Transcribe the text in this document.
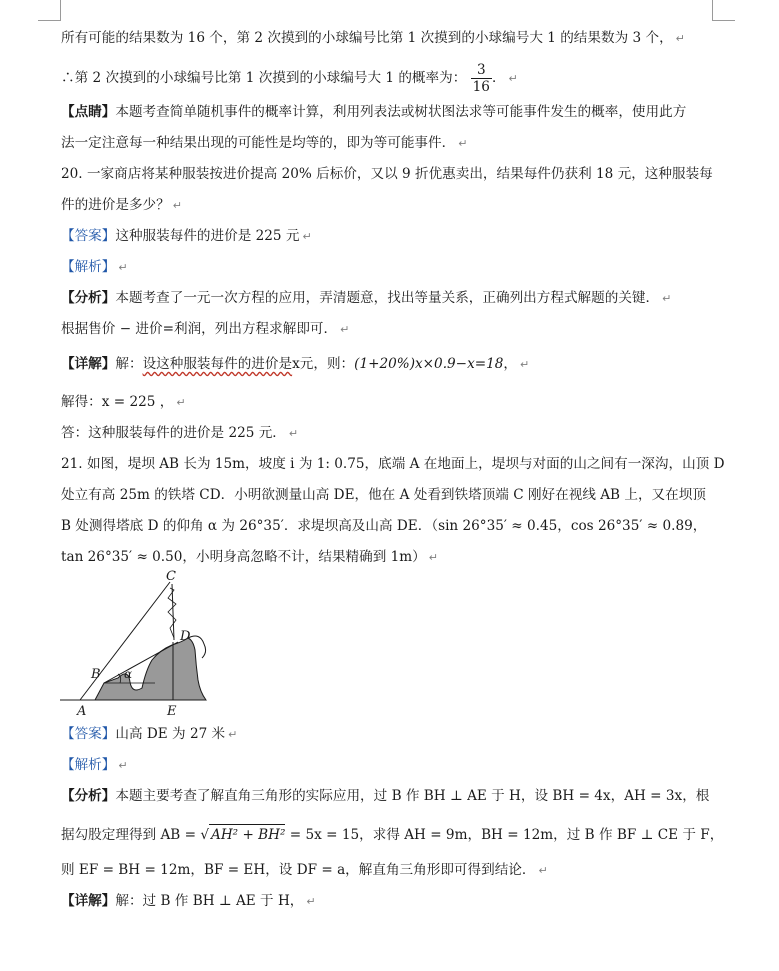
所有可能的结果数为 16 个，第 2 次摸到的小球编号比第 1 次摸到的小球编号大 1 的结果数为 3 个， ↵
∴第 2 次摸到的小球编号比第 1 次摸到的小球编号大 1 的概率为： $\frac{3}{16}$ ． ↵
【点睛】本题考查简单随机事件的概率计算，利用列表法或树状图法求等可能事件发生的概率，使用此方
法一定注意每一种结果出现的可能性是均等的，即为等可能事件． ↵
20. 一家商店将某种服装按进价提高 20% 后标价，又以 9 折优惠卖出，结果每件仍获利 18 元，这种服装每
件的进价是多少？ ↵
【答案】这种服装每件的进价是 225 元 ↵
【解析】 ↵
【分析】本题考查了一元一次方程的应用，弄清题意，找出等量关系，正确列出方程式解题的关键． ↵
根据售价 − 进价=利润，列出方程求解即可． ↵
【详解】解：设这种服装每件的进价是x元，则：(1+20%)x×0.9−x=18， ↵
解得：x = 225 ， ↵
答：这种服装每件的进价是 225 元． ↵
21. 如图，堤坝 AB 长为 15m，坡度 i 为 1: 0.75，底端 A 在地面上，堤坝与对面的山之间有一深沟，山顶 D
处立有高 25m 的铁塔 CD．小明欲测量山高 DE，他在 A 处看到铁塔顶端 C 刚好在视线 AB 上，又在坝顶
B 处测得塔底 D 的仰角 α 为 26°35′．求堤坝高及山高 DE．（sin 26°35′ ≈ 0.45，cos 26°35′ ≈ 0.89，
tan 26°35′ ≈ 0.50，小明身高忽略不计，结果精确到 1m） ↵
C
D
B α
A	E
【答案】山高 DE 为 27 米 ↵
【解析】 ↵
【分析】本题主要考查了解直角三角形的实际应用，过 B 作 BH ⊥ AE 于 H，设 BH = 4x，AH = 3x，根
据勾股定理得到 AB = √ AH² + BH² = 5x = 15，求得 AH = 9m，BH = 12m，过 B 作 BF ⊥ CE 于 F，
则 EF = BH = 12m，BF = EH，设 DF = a，解直角三角形即可得到结论． ↵
【详解】解：过 B 作 BH ⊥ AE 于 H， ↵
